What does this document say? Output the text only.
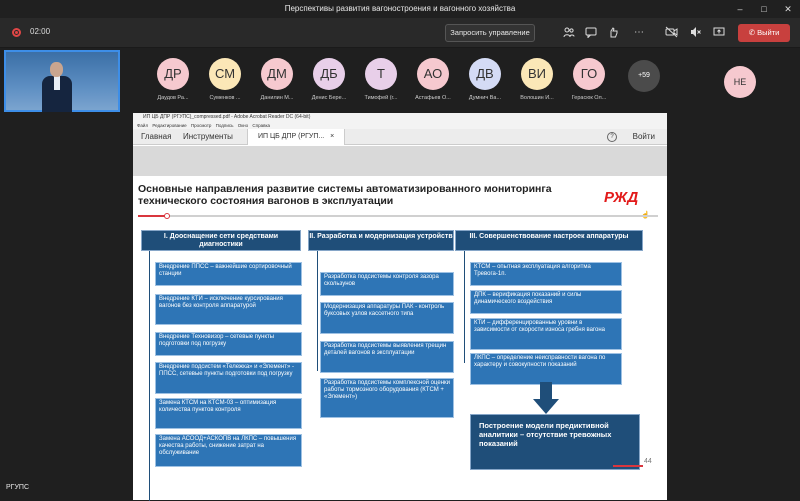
Перспективы развития вагоностроения и вагонного хозяйства	–	□	✕
02:00	Запросить управление	⋯	✆ Выйти
ДР
Даудов Ра...
СМ
Суменков ...
ДМ
Данилин М...
ДБ
Денис Бере...
Т
Тимофей (г...
АО
Астафьев О...
ДВ
Думнич Ва...
ВИ
Волошин И...
ГО
Герасюк Ол...
+59
НЕ
ИП ЦБ ДПР (РГУПС)_compressed.pdf - Adobe Acrobat Reader DC (64-bit)
Файл Редактирование Просмотр Подпись Окно Справка
Главная Инструменты	ИП ЦБ ДПР (РГУП... ×	?	Войти
Основные направления развитие системы автоматизированного мониторинга технического состояния вагонов в эксплуатации	РЖД
I. Дооснащение сети средствами диагностики
II. Разработка и модернизация устройств	III. Совершенствование настроек аппаратуры
Внедрение ППСС – важнейшие сортировочный станции
Внедрение КТИ – исключение курсирования вагонов без контроля аппаратурой
Внедрение Техновизор – сетевые пункты подготовки под погрузку
Внедрение подсистем «Тележка» и «Элемент» - ППСС, сетевые пункты подготовки под погрузку
Замена КТСМ на КТСМ-03 – оптимизация количества пунктов контроля
Замена АСООД+АСКОПВ на ЛКПС – повышения качества работы, снижение затрат на обслуживание
Разработка подсистемы контроля зазора скользунов
Модернизация аппаратуры ПАК - контроль буксовых узлов кассетного типа
Разработка подсистемы выявления трещин деталей вагонов в эксплуатации
Разработка подсистемы комплексной оценки работы тормозного оборудования (КТСМ + «Элемент»)
КТСМ – опытная эксплуатация алгоритма Тревога-1п.
ДПК – верификация показаний и силы динамического воздействия
КТИ – дифференцированные уровни в зависимости от скорости износа гребня вагона
ЛКПС – определение неисправности вагона по характеру и совокупности показаний
Построение модели предиктивной аналитики – отсутствие тревожных показаний
44
РГУПС
